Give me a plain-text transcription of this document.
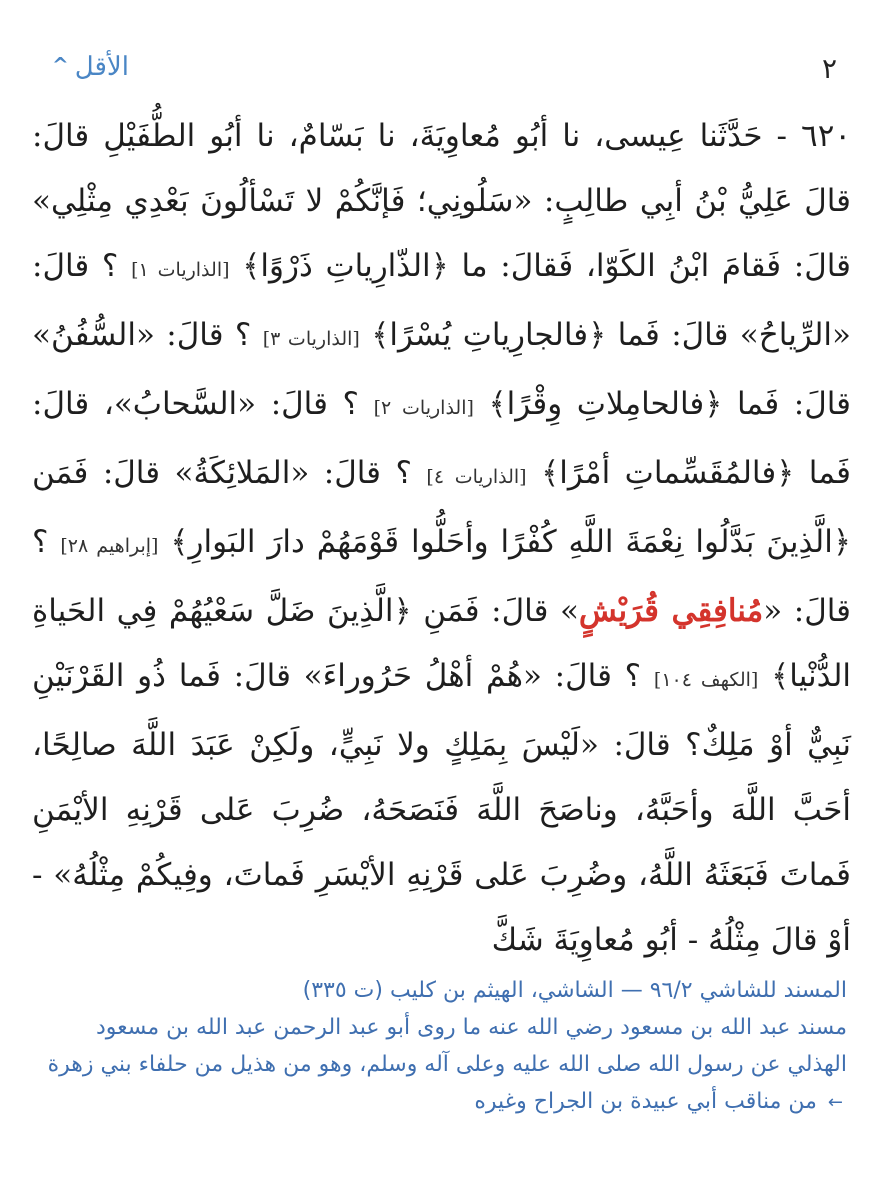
٢
الأقل^
٦٢٠ - حَدَّثَنا عِيسى، نا أبُو مُعاوِيَةَ، نا بَسّامٌ، نا أبُو الطُّفَيْلِ قالَ: قالَ عَلِيُّ بْنُ أبِي طالِبٍ: «سَلُونِي؛ فَإنَّكُمْ لا تَسْألُونَ بَعْدِي مِثْلِي» قالَ: فَقامَ ابْنُ الكَوّا، فَقالَ: ما ﴿الذّارِياتِ ذَرْوًا﴾ [الذاريات ١] ؟ قالَ: «الرِّياحُ» قالَ: فَما ﴿فالجارِياتِ يُسْرًا﴾ [الذاريات ٣] ؟ قالَ: «السُّفُنُ» قالَ: فَما ﴿فالحامِلاتِ وِقْرًا﴾ [الذاريات ٢] ؟ قالَ: «السَّحابُ»، قالَ: فَما ﴿فالمُقَسِّماتِ أمْرًا﴾ [الذاريات ٤] ؟ قالَ: «المَلائِكَةُ» قالَ: فَمَن ﴿الَّذِينَ بَدَّلُوا نِعْمَةَ اللَّهِ كُفْرًا وأحَلُّوا قَوْمَهُمْ دارَ البَوارِ﴾ [إبراهيم ٢٨] ؟ قالَ: «مُنافِقِي قُرَيْشٍ» قالَ: فَمَنِ ﴿الَّذِينَ ضَلَّ سَعْيُهُمْ فِي الحَياةِ الدُّنْيا﴾ [الكهف ١٠٤] ؟ قالَ: «هُمْ أهْلُ حَرُوراءَ» قالَ: فَما ذُو القَرْنَيْنِ نَبِيٌّ أوْ مَلِكٌ؟ قالَ: «لَيْسَ بِمَلِكٍ ولا نَبِيٍّ، ولَكِنْ عَبَدَ اللَّهَ صالِحًا، أحَبَّ اللَّهَ وأحَبَّهُ، وناصَحَ اللَّهَ فَنَصَحَهُ، ضُرِبَ عَلى قَرْنِهِ الأيْمَنِ فَماتَ فَبَعَثَهُ اللَّهُ، وضُرِبَ عَلى قَرْنِهِ الأيْسَرِ فَماتَ، وفِيكُمْ مِثْلُهُ» - أوْ قالَ مِثْلُهُ - أبُو مُعاوِيَةَ شَكَّ
المسند للشاشي ٩٦/٢ — الشاشي، الهيثم بن كليب (ت ٣٣٥)
مسند عبد الله بن مسعود رضي الله عنه ما روى أبو عبد الرحمن عبد الله بن مسعود الهذلي عن رسول الله صلى الله عليه وعلى آله وسلم، وهو من هذيل من حلفاء بني زهرة ← من مناقب أبي عبيدة بن الجراح وغيره
